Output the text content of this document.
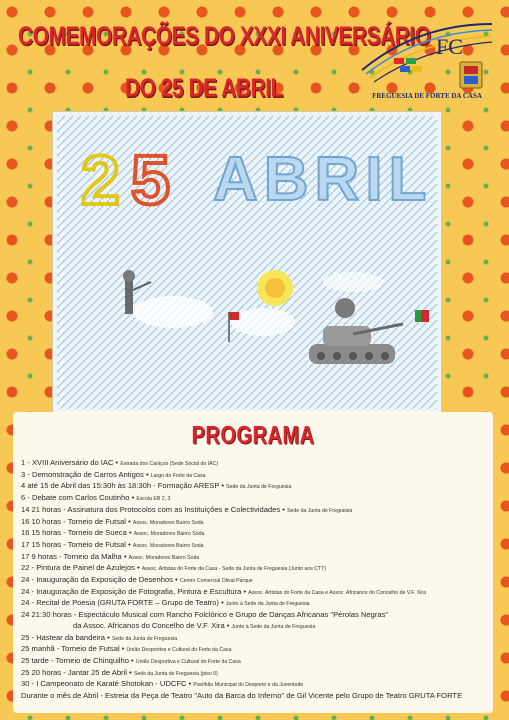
COMEMORAÇÕES DO XXXI ANIVERSÁRIO
DO 25 DE ABRIL
FC
FREGUESIA DE FORTE DA CASA
2 5 ABRIL
PROGRAMA
1 - XVIII Aniversário do IAC • Estrada dos Caniços (Sede Social do IAC)
3 - Demonstração de Carros Antigos • Largo do Forte da Casa
4 até 15 de Abril das 15:30h às 18:30h - Formação ARESP • Sede da Junta de Freguesia
6 - Debate com Carlos Coutinho • Escola EB 2, 3
14 21 horas - Assinatura dos Protocolos com as Instituições e Colectividades • Sede da Junta de Freguesia
16 10 horas - Torneio de Futsal • Assoc. Moradores Bairro Soda
16 15 horas - Torneio de Sueca • Assoc. Moradores Bairro Soda
17 15 horas - Torneio de Futsal • Assoc. Moradores Bairro Soda
17 9 horas - Torneio da Malha • Assoc. Moradores Bairro Soda
22 - Pintura de Painel de Azulejos • Assoc. Artistas do Forte da Casa - Sede da Junta de Freguesia (Junto aos CTT)
24 - Inauguração da Exposição de Desenhos • Centro Comercial Olival Parque
24 - Inauguração de Exposição de Fotografia, Pintura e Escultura • Assoc. Artistas do Forte da Casa e Assoc. Africanos do Concelho de V.F. Xira
24 - Recital de Poesia (GRUTA FORTE – Grupo de Teatro) • Junto à Sede da Junta de Freguesia
24 21:30 horas - Espectáculo Musical com Rancho Folclórico e Grupo de Danças Africanas "Pérolas Negras"
da Assoc. Africanos do Concelho de V.F. Xira • Junto à Sede da Junta de Freguesia
25 - Hastear da bandeira • Sede da Junta de Freguesia
25 manhã - Torneio de Futsal • União Desportiva e Cultural do Forte da Casa
25 tarde - Torneio de Chinquilho • União Desportiva e Cultural do Forte da Casa
25 20 horas - Jantar 25 de Abril • Sede da Junta de Freguesia (piso 0)
30 - I Campeonato de Karaté Shotokan - UDCFC • Pavilhão Municipal do Desporto e da Juventude
Durante o mês de Abril - Estreia da Peça de Teatro "Auto da Barca do Inferno" de Gil Vicente pelo Grupo de Teatro GRUTA FORTE
